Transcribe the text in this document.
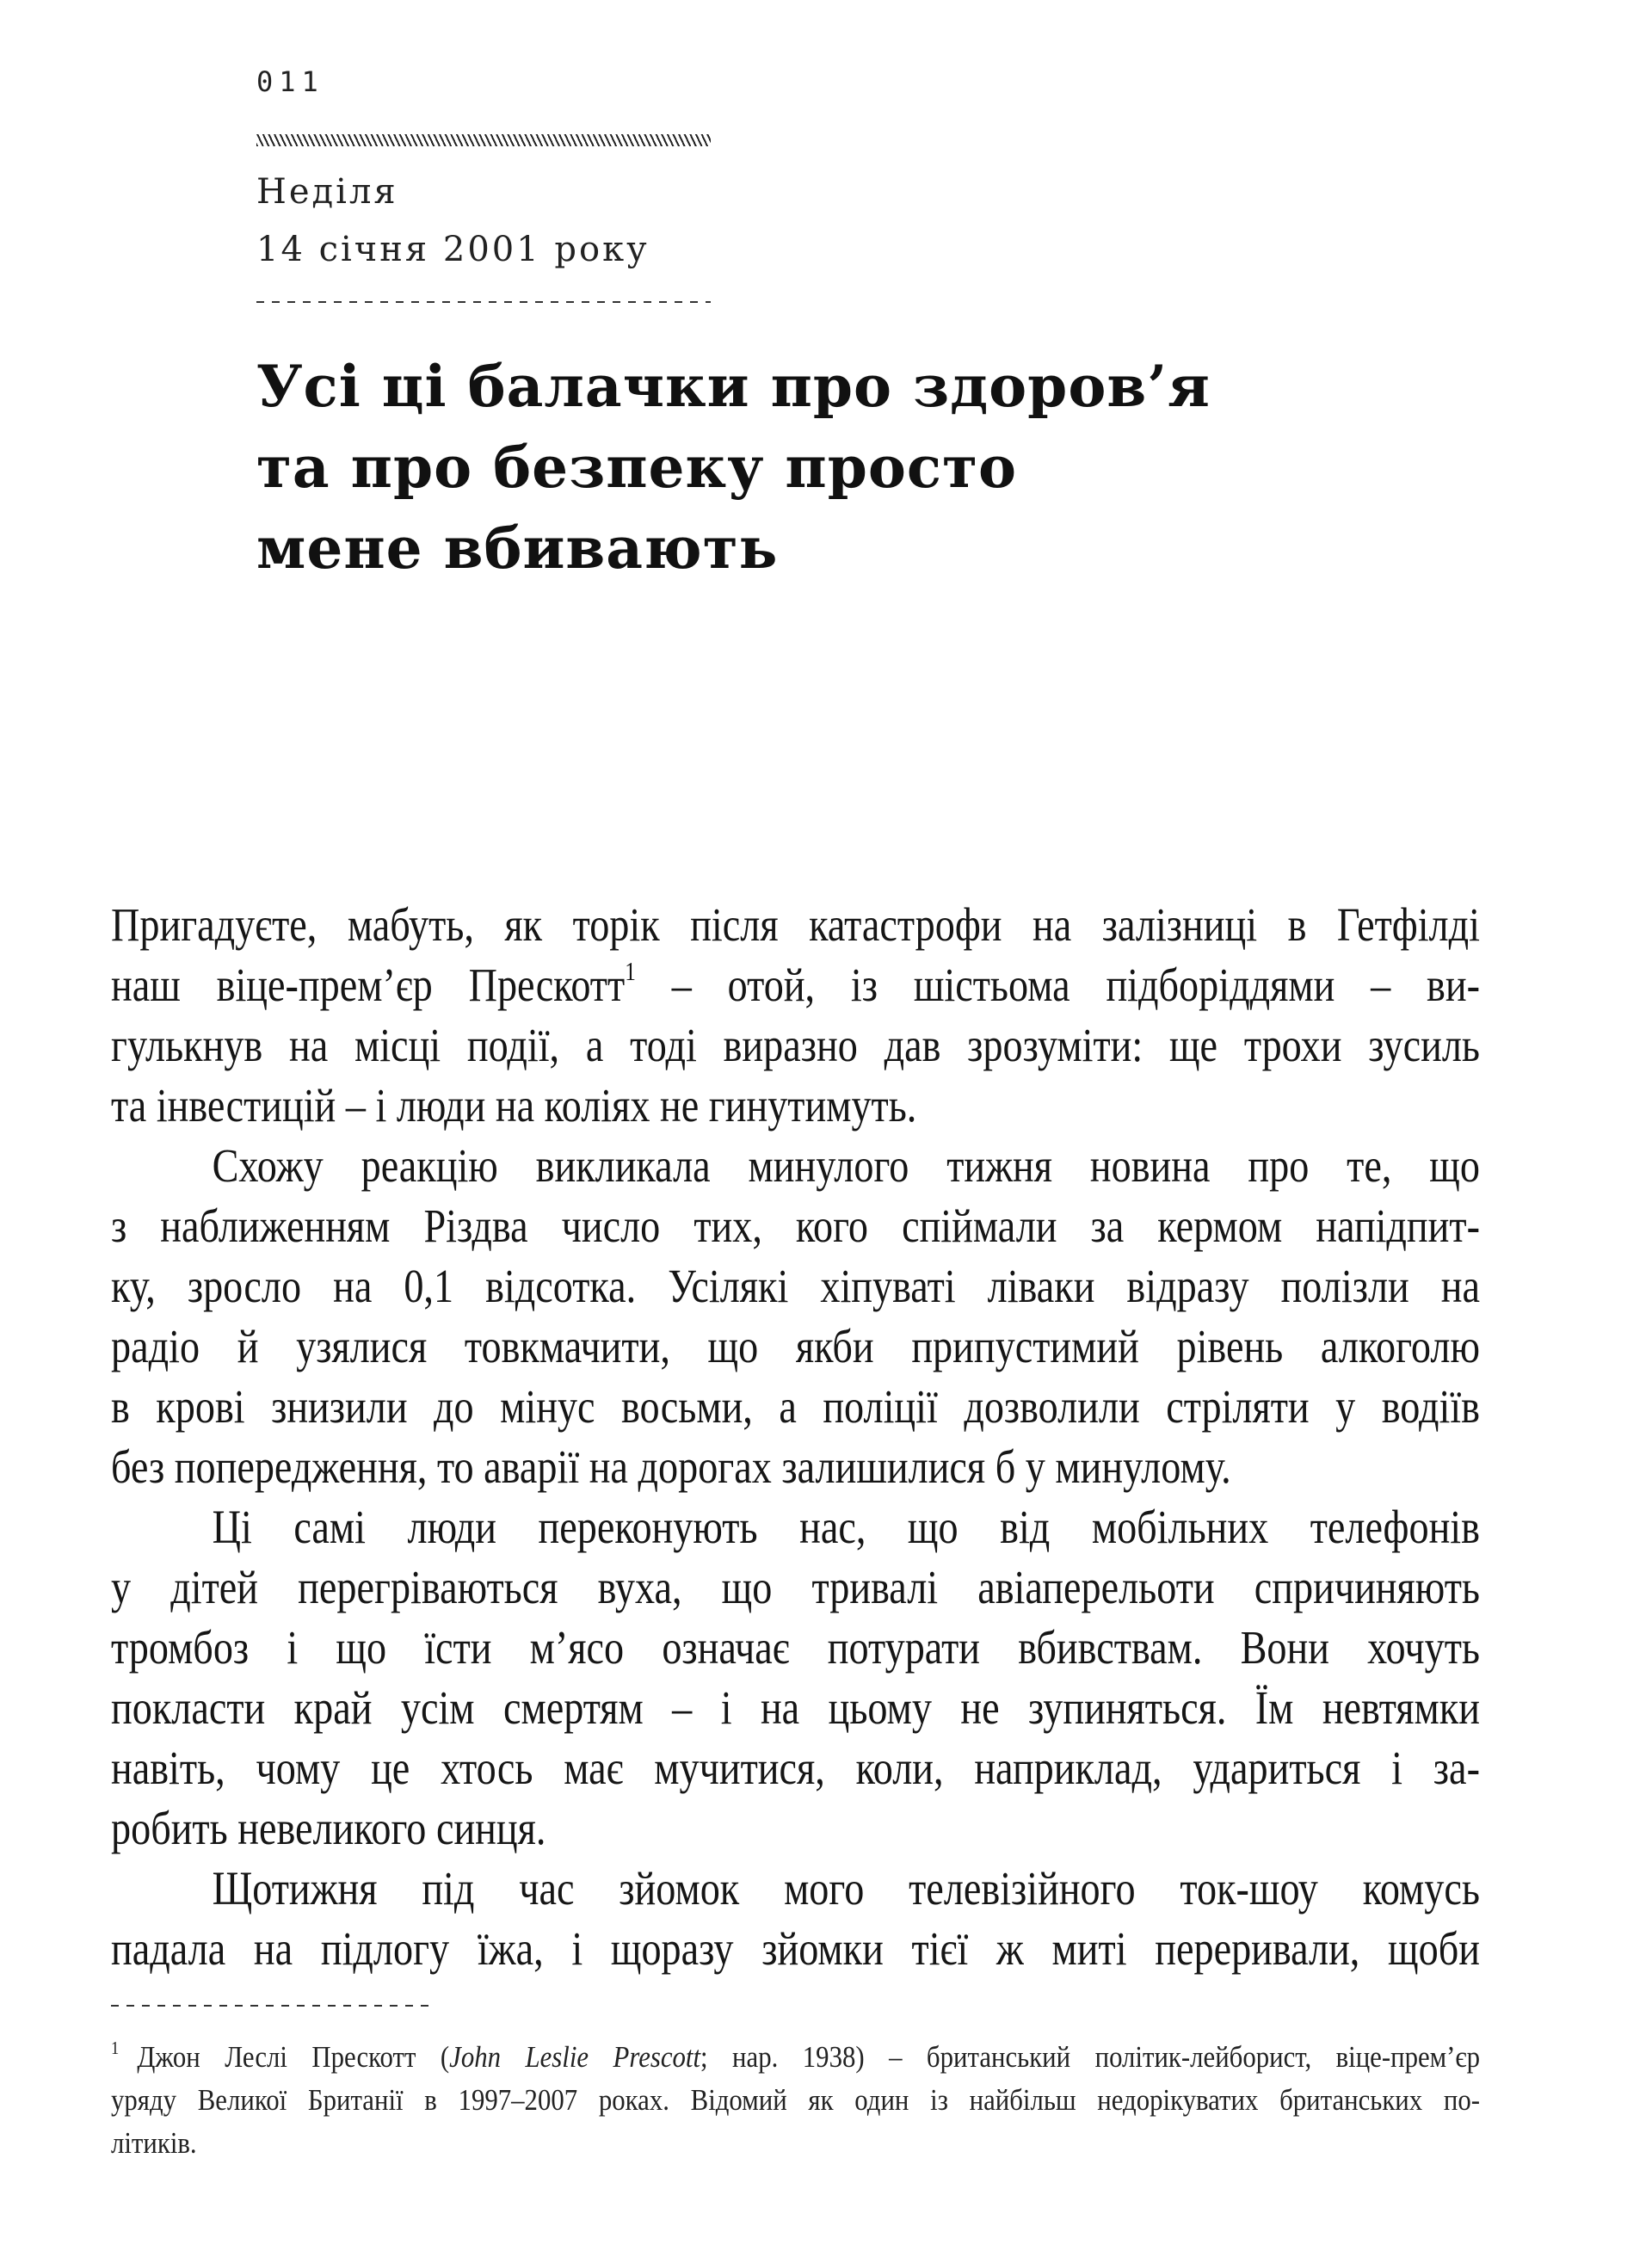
011
Неділя
14 січня 2001 року
Усі ці балачки про здоров’я
та про безпеку просто
мене вбивають
Пригадуєте, мабуть, як торік після катастрофи на залізниці в Гетфілді
наш віце-прем’єр Прескотт$^1$ – отой, із шістьома підборіддями – ви-
гулькнув на місці події, а тоді виразно дав зрозуміти: ще трохи зусиль
та інвестицій – і люди на коліях не гинутимуть.
Схожу реакцію викликала минулого тижня новина про те, що
з наближенням Різдва число тих, кого спіймали за кермом напідпит-
ку, зросло на 0,1 відсотка. Усілякі хіпуваті ліваки відразу полізли на
радіо й узялися товкмачити, що якби припустимий рівень алкоголю
в крові знизили до мінус восьми, а поліції дозволили стріляти у водіїв
без попередження, то аварії на дорогах залишилися б у минулому.
Ці самі люди переконують нас, що від мобільних телефонів
у дітей перегріваються вуха, що тривалі авіаперельоти спричиняють
тромбоз і що їсти м’ясо означає потурати вбивствам. Вони хочуть
покласти край усім смертям – і на цьому не зупиняться. Їм невтямки
навіть, чому це хтось має мучитися, коли, наприклад, удариться і за-
робить невеликого синця.
Щотижня під час зйомок мого телевізійного ток-шоу комусь
падала на підлогу їжа, і щоразу зйомки тієї ж миті переривали, щоби
$^1$ Джон Леслі Прескотт (John Leslie Prescott; нар. 1938) – британський політик-лейборист, віце-прем’єр
уряду Великої Британії в 1997–2007 роках. Відомий як один із найбільш недорікуватих британських по-
літиків.
